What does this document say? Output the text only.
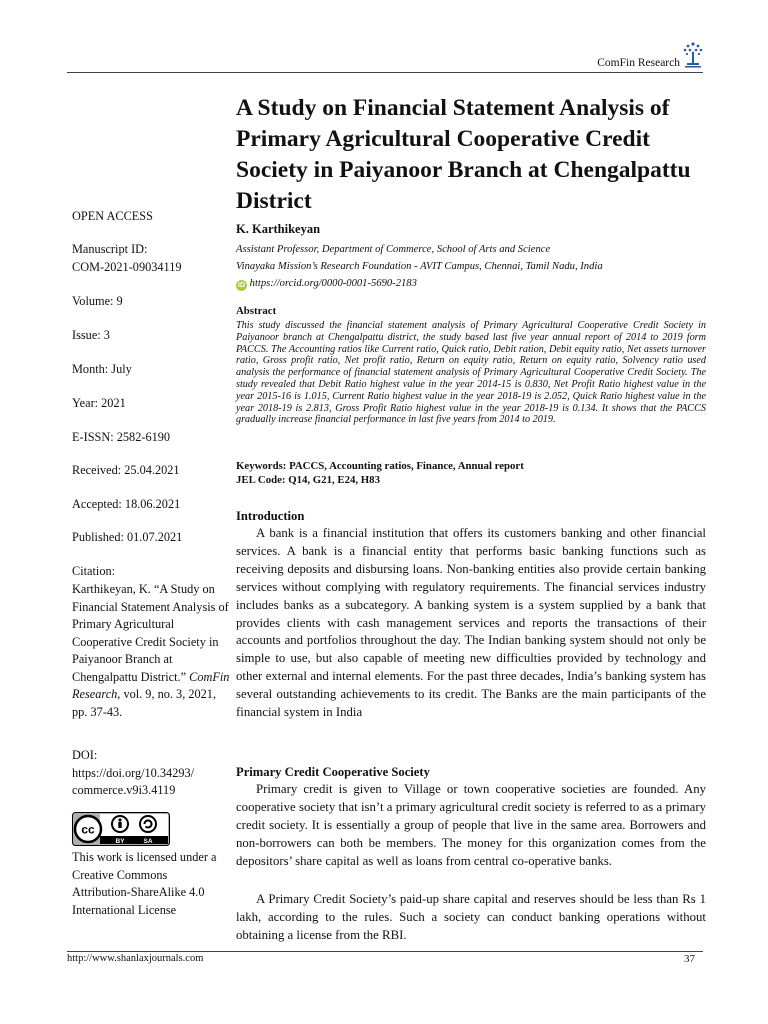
ComFin Research
A Study on Financial Statement Analysis of Primary Agricultural Cooperative Credit Society in Paiyanoor Branch at Chengalpattu District
OPEN ACCESS
Manuscript ID:
COM-2021-09034119
Volume: 9
Issue: 3
Month: July
Year: 2021
E-ISSN: 2582-6190
Received: 25.04.2021
Accepted: 18.06.2021
Published: 01.07.2021
Citation:
Karthikeyan, K. “A Study on Financial Statement Analysis of Primary Agricultural Cooperative Credit Society in Paiyanoor Branch at Chengalpattu District.” ComFin Research, vol. 9, no. 3, 2021, pp. 37-43.
DOI:
https://doi.org/10.34293/
commerce.v9i3.4119
cc
BY	SA
This work is licensed under a Creative Commons Attribution-ShareAlike 4.0 International License
K. Karthikeyan
Assistant Professor, Department of Commerce, School of Arts and Science
Vinayaka Mission’s Research Foundation - AVIT Campus, Chennai, Tamil Nadu, India
iD https://orcid.org/0000-0001-5690-2183
Abstract

This study discussed the financial statement analysis of Primary Agricultural Cooperative Credit Society in Paiyanoor branch at Chengalpattu district, the study based last five year annual report of 2014 to 2019 form PACCS. The Accounting ratios like Current ratio, Quick ratio, Debit ration, Debit equity ratio, Net assets turnover ratio, Gross profit ratio, Net profit ratio, Return on equity ratio, Return on equity ratio, Solvency ratio used analysis the performance of financial statement analysis of Primary Agricultural Cooperative Credit Society. The study revealed that Debit Ratio highest value in the year 2014-15 is 0.830, Net Profit Ratio highest value in the year 2015-16 is 1.015, Current Ratio highest value in the year 2018-19 is 2.052, Quick Ratio highest value in the year 2018-19 is 2.813, Gross Profit Ratio highest value in the year 2018-19 is 0.134. It shows that the PACCS gradually increase financial performance in last five years from 2014 to 2019.

Keywords: PACCS, Accounting ratios, Finance, Annual report
JEL Code: Q14, G21, E24, H83
Introduction

A bank is a financial institution that offers its customers banking and other financial services. A bank is a financial entity that performs basic banking functions such as receiving deposits and disbursing loans. Non-banking entities also provide certain banking services without complying with regulatory requirements. The financial services industry includes banks as a subcategory. A banking system is a system supplied by a bank that provides clients with cash management services and reports the transactions of their accounts and portfolios throughout the day. The Indian banking system should not only be simple to use, but also capable of meeting new difficulties provided by technology and other external and internal elements. For the past three decades, India’s banking system has several outstanding achievements to its credit. The Banks are the main participants of the financial system in India

Primary Credit Cooperative Society

Primary credit is given to Village or town cooperative societies are founded. Any cooperative society that isn’t a primary agricultural credit society is referred to as a primary credit society. It is essentially a group of people that live in the same area. Borrowers and non-borrowers can both be members. The money for this organization comes from the depositors’ share capital as well as loans from central co-operative banks.

A Primary Credit Society’s paid-up share capital and reserves should be less than Rs 1 lakh, according to the rules. Such a society can conduct banking operations without obtaining a license from the RBI.

http://www.shanlaxjournals.com	37
